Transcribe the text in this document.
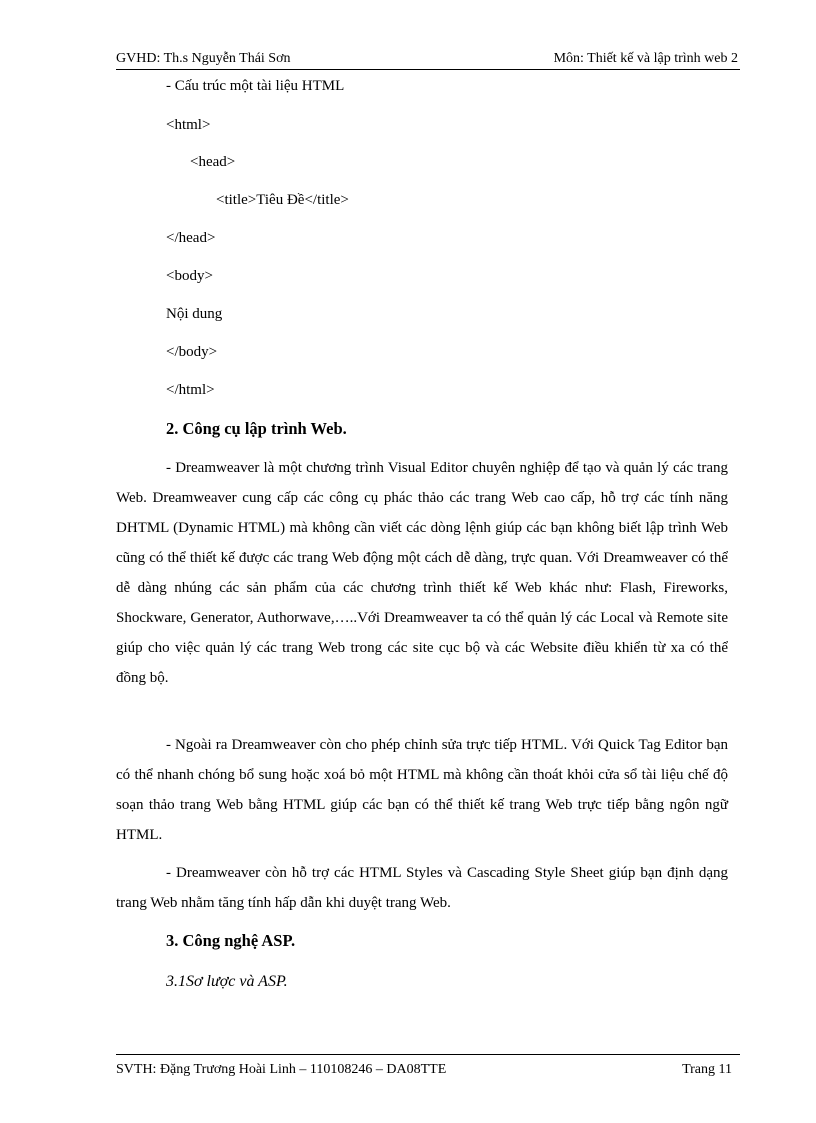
GVHD: Th.s Nguyễn Thái Sơn	Môn: Thiết kế và lập trình web 2
- Cấu trúc một tài liệu HTML
<html>
<head>
<title>Tiêu Đề</title>
</head>
<body>
Nội dung
</body>
</html>
2. Công cụ lập trình Web.
- Dreamweaver là một chương trình Visual Editor chuyên nghiệp để tạo và quản lý các trang Web. Dreamweaver cung cấp các công cụ phác thảo các trang Web cao cấp, hỗ trợ các tính năng DHTML (Dynamic HTML) mà không cần viết các dòng lệnh giúp các bạn không biết lập trình Web cũng có thể thiết kế được các trang Web động một cách dễ dàng, trực quan. Với Dreamweaver có thể dễ dàng nhúng các sản phẩm của các chương trình thiết kế Web khác như: Flash, Fireworks, Shockware, Generator, Authorwave,…..Với Dreamweaver ta có thể quản lý các Local và Remote site giúp cho việc quản lý các trang Web trong các site cục bộ và các Website điều khiển từ xa có thể đồng bộ.
- Ngoài ra Dreamweaver còn cho phép chỉnh sửa trực tiếp HTML. Với Quick Tag Editor bạn có thể nhanh chóng bổ sung hoặc xoá bỏ một HTML mà không cần thoát khỏi cửa sổ tài liệu chế độ soạn thảo trang Web bằng HTML giúp các bạn có thể thiết kế trang Web trực tiếp bằng ngôn ngữ HTML.
- Dreamweaver còn hỗ trợ các HTML Styles và Cascading Style Sheet giúp bạn định dạng trang Web nhằm tăng tính hấp dẫn khi duyệt trang Web.
3. Công nghệ ASP.
3.1Sơ lược và ASP.
SVTH: Đặng Trương Hoài Linh – 110108246 – DA08TTE	Trang 11
